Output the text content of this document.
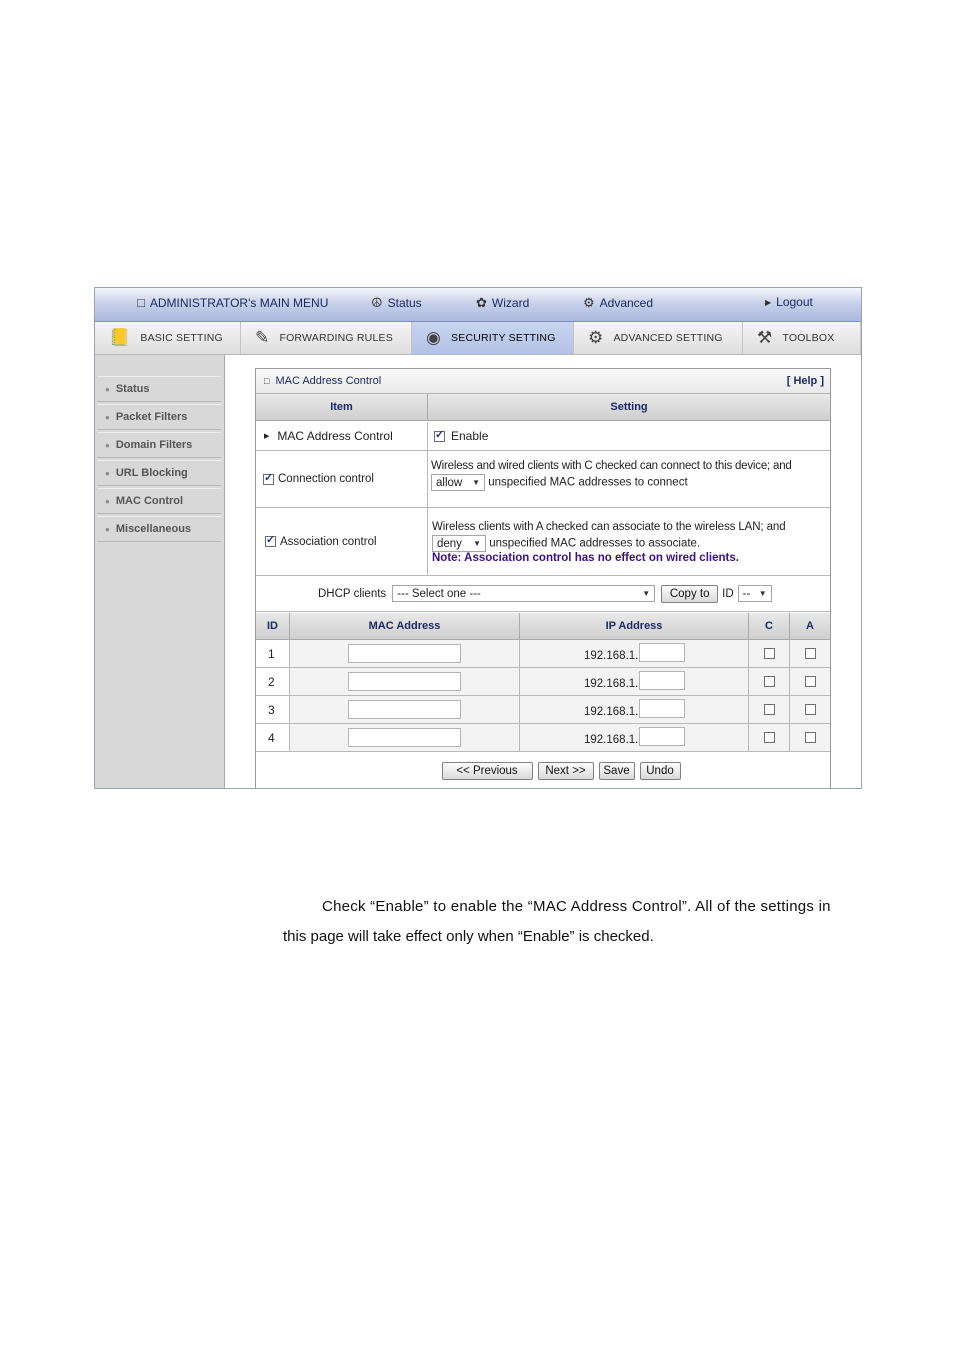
□ ADMINISTRATOR's MAIN MENU	☮ Status	✿ Wizard	⚙ Advanced	▶ Logout
📒 BASIC SETTING ✎ FORWARDING RULES ◉ SECURITY SETTING ⚙ ADVANCED SETTING ⚒ TOOLBOX
● Status
● Packet Filters
● Domain Filters
● URL Blocking
● MAC Control
● Miscellaneous
□ MAC Address Control	[ Help ]
Item	Setting
▶ MAC Address Control
✓	Enable
✓
Connection control
Wireless and wired clients with C checked can connect to this device; and
allow ▼ unspecified MAC addresses to connect
✓
Association control
Wireless clients with A checked can associate to the wireless LAN; and
deny ▼ unspecified MAC addresses to associate.
Note: Association control has no effect on wired clients.
DHCP clients --- Select one ---	▼	Copy to	ID -- ▼
ID	MAC Address	IP Address	C	A
1	192.168.1.
2	192.168.1.
3	192.168.1.
4	192.168.1.
<< Previous	Next >>	Save	Undo
Check “Enable” to enable the “MAC Address Control”. All of the settings in
this page will take effect only when “Enable” is checked.
